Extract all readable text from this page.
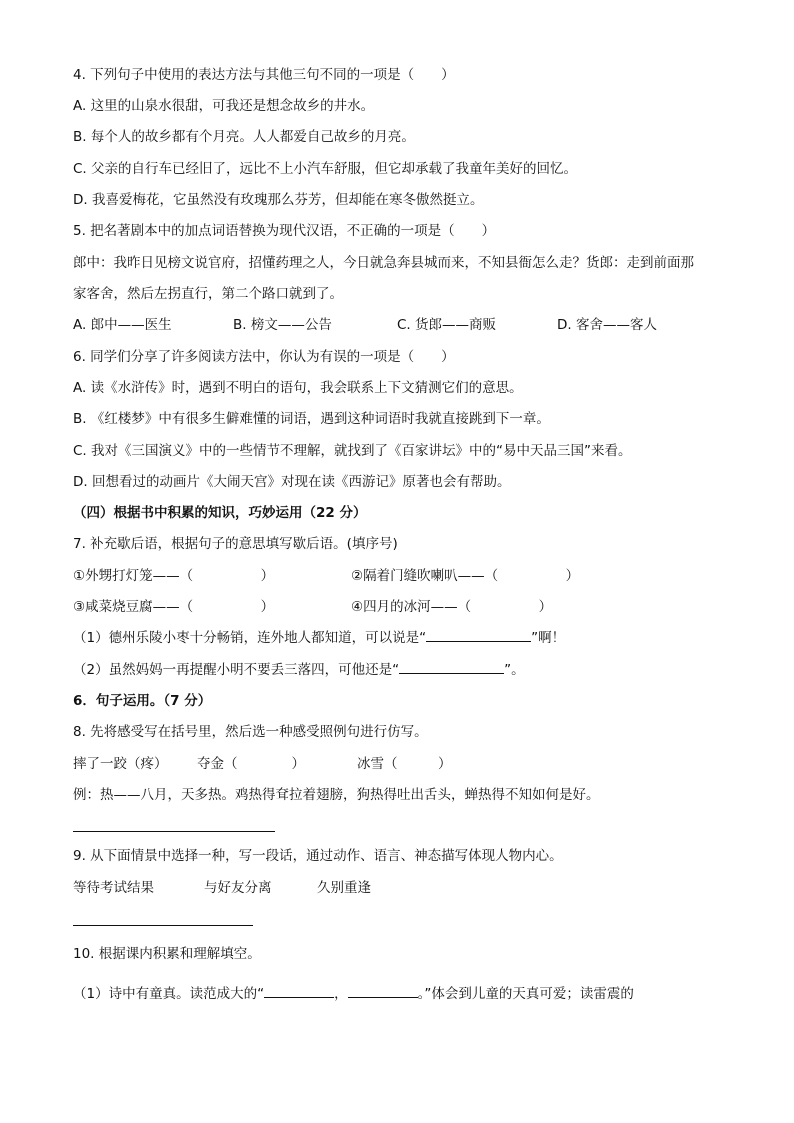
4. 下列句子中使用的表达方法与其他三句不同的一项是（　　）
A. 这里的山泉水很甜，可我还是想念故乡的井水。
B. 每个人的故乡都有个月亮。人人都爱自己故乡的月亮。
C. 父亲的自行车已经旧了，远比不上小汽车舒服，但它却承载了我童年美好的回忆。
D. 我喜爱梅花，它虽然没有玫瑰那么芬芳，但却能在寒冬傲然挺立。
5. 把名著剧本中的加点词语替换为现代汉语，不正确的一项是（　　）
郎中：我昨日见榜文说官府，招懂药理之人，今日就急奔县城而来，不知县衙怎么走？货郎：走到前面那
家客舍，然后左拐直行，第二个路口就到了。
A. 郎中——医生	B. 榜文——公告	C. 货郎——商贩	D. 客舍——客人
6. 同学们分享了许多阅读方法中，你认为有误的一项是（　　）
A. 读《水浒传》时，遇到不明白的语句，我会联系上下文猜测它们的意思。
B. 《红楼梦》中有很多生僻难懂的词语，遇到这种词语时我就直接跳到下一章。
C. 我对《三国演义》中的一些情节不理解，就找到了《百家讲坛》中的“易中天品三国”来看。
D. 回想看过的动画片《大闹天宫》对现在读《西游记》原著也会有帮助。
（四）根据书中积累的知识，巧妙运用（22 分）
7. 补充歇后语，根据句子的意思填写歇后语。(填序号)
①外甥打灯笼——（　　　　　）	②隔着门缝吹喇叭——（　　　　　）
③咸菜烧豆腐——（　　　　　）	④四月的冰河——（　　　　　）
（1）德州乐陵小枣十分畅销，连外地人都知道，可以说是“	”啊！
（2）虽然妈妈一再提醒小明不要丢三落四，可他还是“	”。
6．句子运用。（7 分）
8. 先将感受写在括号里，然后选一种感受照例句进行仿写。
摔了一跤（疼） 夺金（　　　　）	冰雪（　　　）
例：热——八月，天多热。鸡热得耷拉着翅膀，狗热得吐出舌头，蝉热得不知如何是好。
9. 从下面情景中选择一种，写一段话，通过动作、语言、神态描写体现人物内心。
等待考试结果	与好友分离	久别重逢
10. 根据课内积累和理解填空。
（1）诗中有童真。读范成大的“	，	。”体会到儿童的天真可爱；读雷震的
